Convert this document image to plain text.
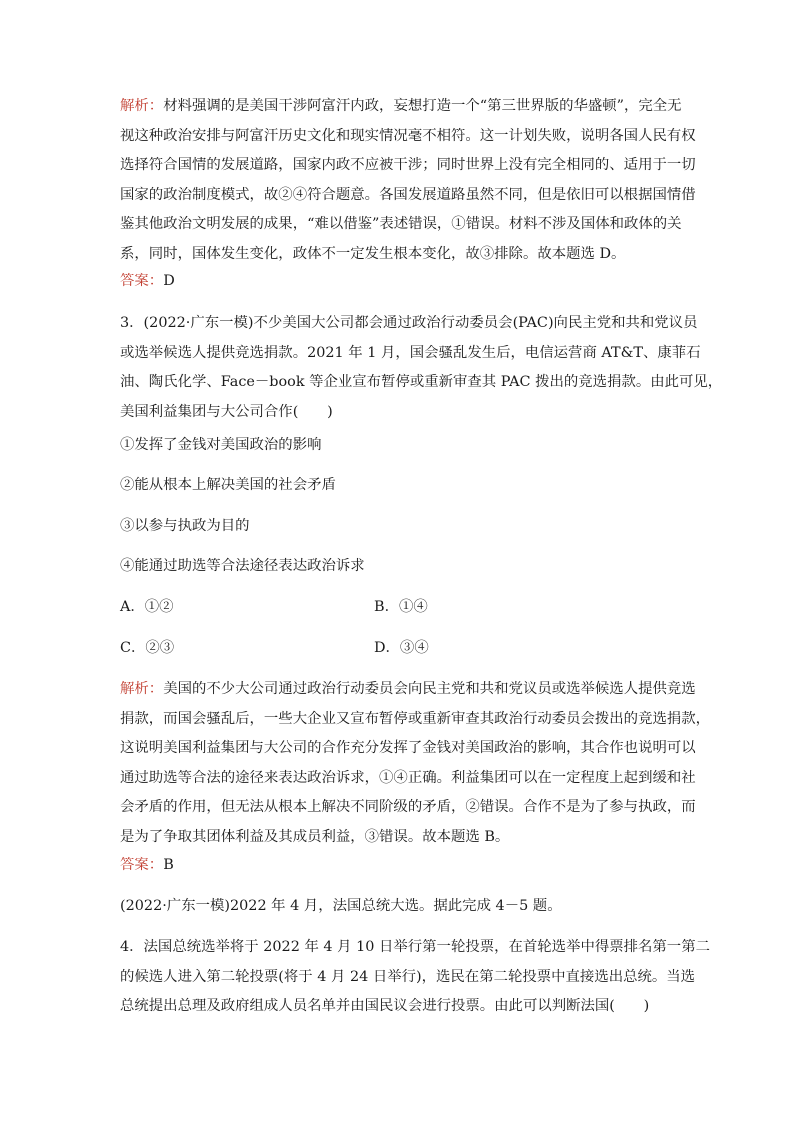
解析：材料强调的是美国干涉阿富汗内政，妄想打造一个“第三世界版的华盛顿”，完全无
视这种政治安排与阿富汗历史文化和现实情况毫不相符。这一计划失败，说明各国人民有权
选择符合国情的发展道路，国家内政不应被干涉；同时世界上没有完全相同的、适用于一切
国家的政治制度模式，故②④符合题意。各国发展道路虽然不同，但是依旧可以根据国情借
鉴其他政治文明发展的成果，“难以借鉴”表述错误，①错误。材料不涉及国体和政体的关
系，同时，国体发生变化，政体不一定发生根本变化，故③排除。故本题选 D。
答案：D
3．(2022·广东一模)不少美国大公司都会通过政治行动委员会(PAC)向民主党和共和党议员
或选举候选人提供竞选捐款。2021 年 1 月，国会骚乱发生后，电信运营商 AT&T、康菲石
油、陶氏化学、Face－book 等企业宣布暂停或重新审查其 PAC 拨出的竞选捐款。由此可见，
美国利益集团与大公司合作(　　)
①发挥了金钱对美国政治的影响
②能从根本上解决美国的社会矛盾
③以参与执政为目的
④能通过助选等合法途径表达政治诉求
A．①②	B．①④
C．②③	D．③④
解析：美国的不少大公司通过政治行动委员会向民主党和共和党议员或选举候选人提供竞选
捐款，而国会骚乱后，一些大企业又宣布暂停或重新审查其政治行动委员会拨出的竞选捐款，
这说明美国利益集团与大公司的合作充分发挥了金钱对美国政治的影响，其合作也说明可以
通过助选等合法的途径来表达政治诉求，①④正确。利益集团可以在一定程度上起到缓和社
会矛盾的作用，但无法从根本上解决不同阶级的矛盾，②错误。合作不是为了参与执政，而
是为了争取其团体利益及其成员利益，③错误。故本题选 B。
答案：B
(2022·广东一模)2022 年 4 月，法国总统大选。据此完成 4－5 题。
4．法国总统选举将于 2022 年 4 月 10 日举行第一轮投票，在首轮选举中得票排名第一第二
的候选人进入第二轮投票(将于 4 月 24 日举行)，选民在第二轮投票中直接选出总统。当选
总统提出总理及政府组成人员名单并由国民议会进行投票。由此可以判断法国(　　)
